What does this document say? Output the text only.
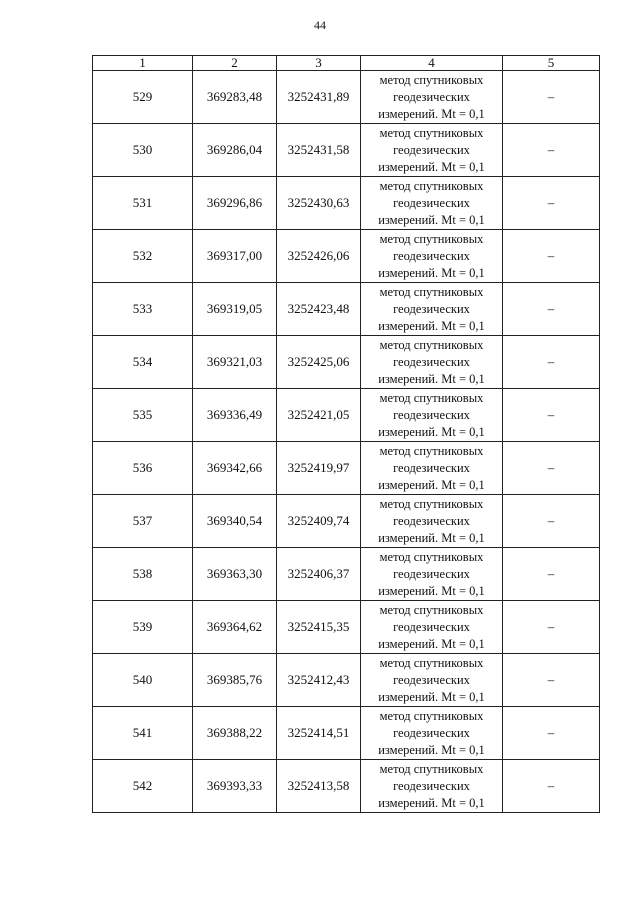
44
1	2	3	4	5
529	369283,48	3252431,89	метод спутниковых
геодезических
измерений. Mt = 0,1	–
530	369286,04	3252431,58	метод спутниковых
геодезических
измерений. Mt = 0,1	–
531	369296,86	3252430,63	метод спутниковых
геодезических
измерений. Mt = 0,1	–
532	369317,00	3252426,06	метод спутниковых
геодезических
измерений. Mt = 0,1	–
533	369319,05	3252423,48	метод спутниковых
геодезических
измерений. Mt = 0,1	–
534	369321,03	3252425,06	метод спутниковых
геодезических
измерений. Mt = 0,1	–
535	369336,49	3252421,05	метод спутниковых
геодезических
измерений. Mt = 0,1	–
536	369342,66	3252419,97	метод спутниковых
геодезических
измерений. Mt = 0,1	–
537	369340,54	3252409,74	метод спутниковых
геодезических
измерений. Mt = 0,1	–
538	369363,30	3252406,37	метод спутниковых
геодезических
измерений. Mt = 0,1	–
539	369364,62	3252415,35	метод спутниковых
геодезических
измерений. Mt = 0,1	–
540	369385,76	3252412,43	метод спутниковых
геодезических
измерений. Mt = 0,1	–
541	369388,22	3252414,51	метод спутниковых
геодезических
измерений. Mt = 0,1	–
542	369393,33	3252413,58	метод спутниковых
геодезических
измерений. Mt = 0,1	–
